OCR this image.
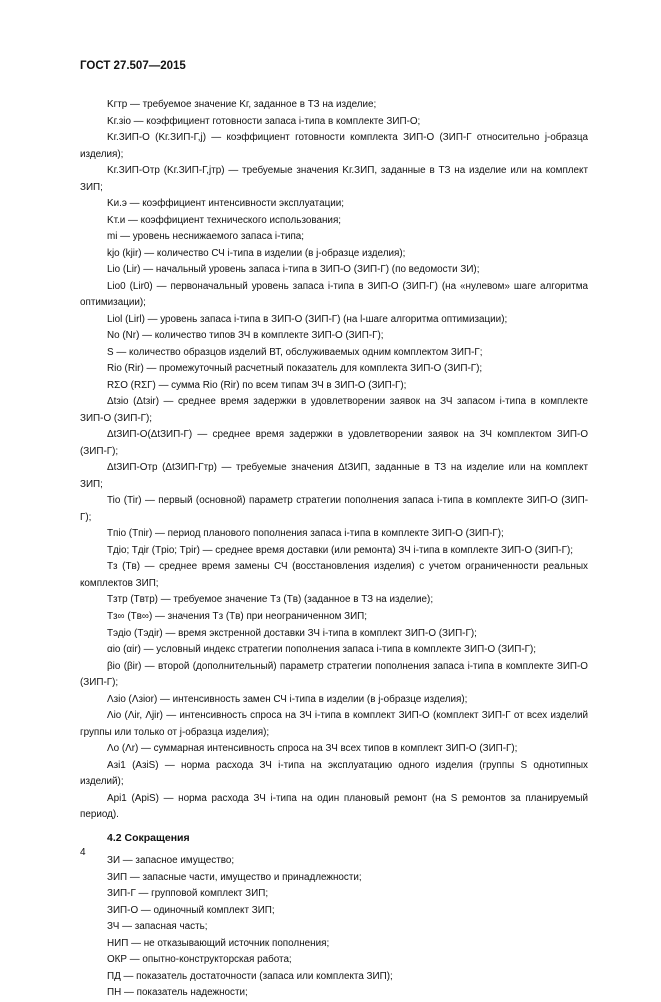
ГОСТ 27.507—2015

Kгтр — требуемое значение Kг, заданное в ТЗ на изделие;

Kг.зio — коэффициент готовности запаса i-типа в комплекте ЗИП-О;

Kг.ЗИП-О (Kг.ЗИП-Г,j) — коэффициент готовности комплекта ЗИП-О (ЗИП-Г относительно j-образца изделия);

Kг.ЗИП-Отр (Kг.ЗИП-Г,jтр) — требуемые значения Kг.ЗИП, заданные в ТЗ на изделие или на комплект ЗИП;

Kи.э — коэффициент интенсивности эксплуатации;

Kт.и — коэффициент технического использования;

mi — уровень неснижаемого запаса i-типа;

kjo (kjir) — количество СЧ i-типа в изделии (в j-образце изделия);

Lio (Lir) — начальный уровень запаса i-типа в ЗИП-О (ЗИП-Г) (по ведомости ЗИ);

Lio0 (Lir0) — первоначальный уровень запаса i-типа в ЗИП-О (ЗИП-Г) (на «нулевом» шаге алгоритма оптимизации);

Liol (Lirl) — уровень запаса i-типа в ЗИП-О (ЗИП-Г) (на l-шаге алгоритма оптимизации);

No (Nr) — количество типов ЗЧ в комплекте ЗИП-О (ЗИП-Г);

S — количество образцов изделий ВТ, обслуживаемых одним комплектом ЗИП-Г;

Rio (Rir) — промежуточный расчетный показатель для комплекта ЗИП-О (ЗИП-Г);

RΣO (RΣГ) — сумма Rio (Rir) по всем типам ЗЧ в ЗИП-О (ЗИП-Г);

Δtзio (Δtзir) — среднее время задержки в удовлетворении заявок на ЗЧ запасом i-типа в комплекте ЗИП-О (ЗИП-Г);

ΔtЗИП-О(ΔtЗИП-Г) — среднее время задержки в удовлетворении заявок на ЗЧ комплектом ЗИП-О (ЗИП-Г);

ΔtЗИП-Отр (ΔtЗИП-Гтр) — требуемые значения ΔtЗИП, заданные в ТЗ на изделие или на комплект ЗИП;

Tio (Tir) — первый (основной) параметр стратегии пополнения запаса i-типа в комплекте ЗИП-О (ЗИП-Г);

Tпio (Tпir) — период планового пополнения запаса i-типа в комплекте ЗИП-О (ЗИП-Г);

Tдio; Tдir (Tpio; Tpir) — среднее время доставки (или ремонта) ЗЧ i-типа в комплекте ЗИП-О (ЗИП-Г);

Tз (Tв) — среднее время замены СЧ (восстановления изделия) с учетом ограниченности реальных комплектов ЗИП;

Tзтр (Tвтр) — требуемое значение Tз (Tв) (заданное в ТЗ на изделие);

Tз∞ (Tв∞) — значения Tз (Tв) при неограниченном ЗИП;

Tэдio (Tэдir) — время экстренной доставки ЗЧ i-типа в комплект ЗИП-О (ЗИП-Г);

αio (αir) — условный индекс стратегии пополнения запаса i-типа в комплекте ЗИП-О (ЗИП-Г);

βio (βir) — второй (дополнительный) параметр стратегии пополнения запаса i-типа в комплекте ЗИП-О (ЗИП-Г);

Λзio (Λзior) — интенсивность замен СЧ i-типа в изделии (в j-образце изделия);

Λio (Λir, Λjir) — интенсивность спроса на ЗЧ i-типа в комплект ЗИП-О (комплект ЗИП-Г от всех изделий группы или только от j-образца изделия);

Λo (Λr) — суммарная интенсивность спроса на ЗЧ всех типов в комплект ЗИП-О (ЗИП-Г);

Aзi1 (AзiS) — норма расхода ЗЧ i-типа на эксплуатацию одного изделия (группы S однотипных изделий);

Api1 (ApiS) — норма расхода ЗЧ i-типа на один плановый ремонт (на S ремонтов за планируемый период).

4.2 Сокращения

ЗИ — запасное имущество;

ЗИП — запасные части, имущество и принадлежности;

ЗИП-Г — групповой комплект ЗИП;

ЗИП-О — одиночный комплект ЗИП;

ЗЧ — запасная часть;

НИП — не отказывающий источник пополнения;

ОКР — опытно-конструкторская работа;

ПД — показатель достаточности (запаса или комплекта ЗИП);

ПН — показатель надежности;

4
